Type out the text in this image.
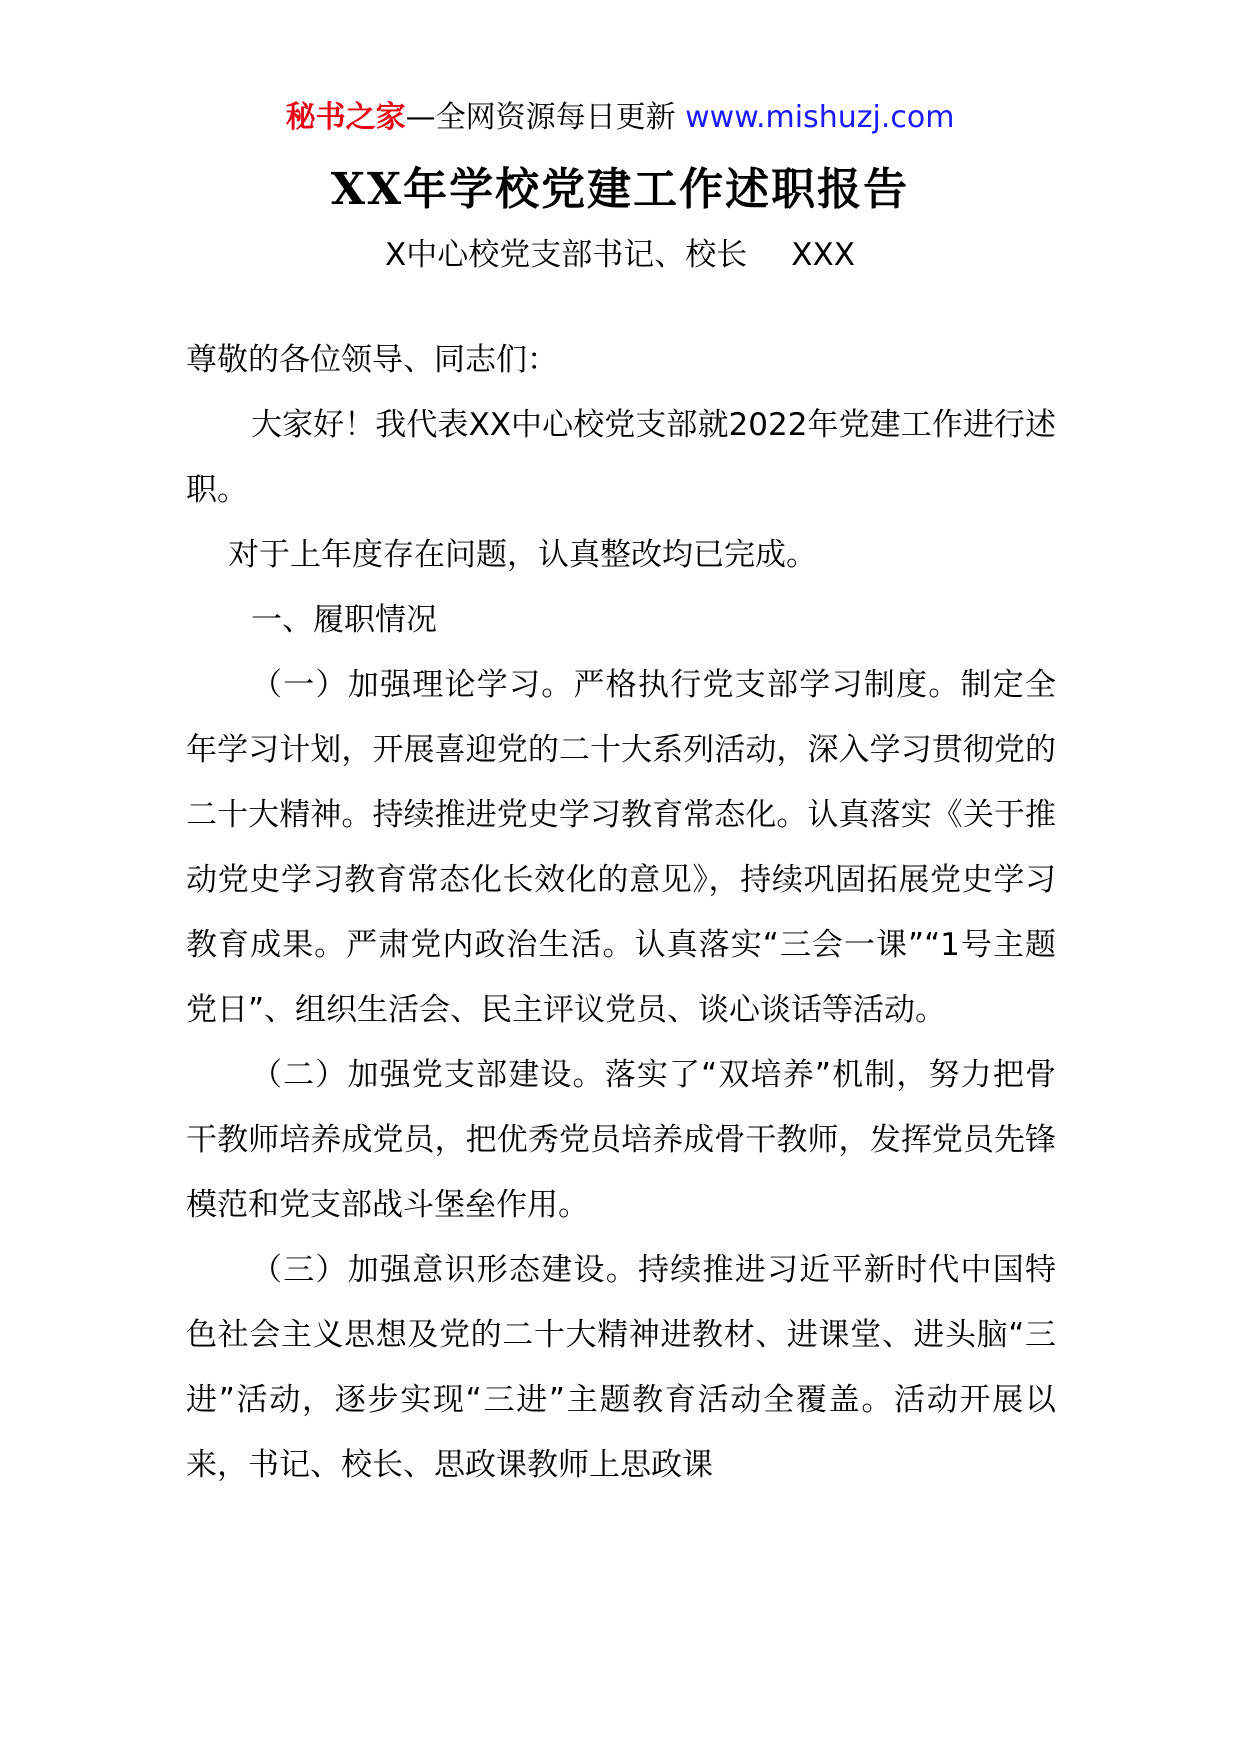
秘书之家—全网资源每日更新 www.mishuzj.com
XX年学校党建工作述职报告
X中心校党支部书记、校长 XXX

尊敬的各位领导、同志们：

大家好！我代表XX中心校党支部就2022年党建工作进行述职。

对于上年度存在问题，认真整改均已完成。

一、履职情况

（一）加强理论学习。严格执行党支部学习制度。制定全年学习计划，开展喜迎党的二十大系列活动，深入学习贯彻党的二十大精神。持续推进党史学习教育常态化。认真落实《关于推动党史学习教育常态化长效化的意见》，持续巩固拓展党史学习教育成果。严肃党内政治生活。认真落实“三会一课”“1号主题党日”、组织生活会、民主评议党员、谈心谈话等活动。

（二）加强党支部建设。落实了“双培养”机制，努力把骨干教师培养成党员，把优秀党员培养成骨干教师，发挥党员先锋模范和党支部战斗堡垒作用。

（三）加强意识形态建设。持续推进习近平新时代中国特色社会主义思想及党的二十大精神进教材、进课堂、进头脑“三进”活动，逐步实现“三进”主题教育活动全覆盖。活动开展以来，书记、校长、思政课教师上思政课
